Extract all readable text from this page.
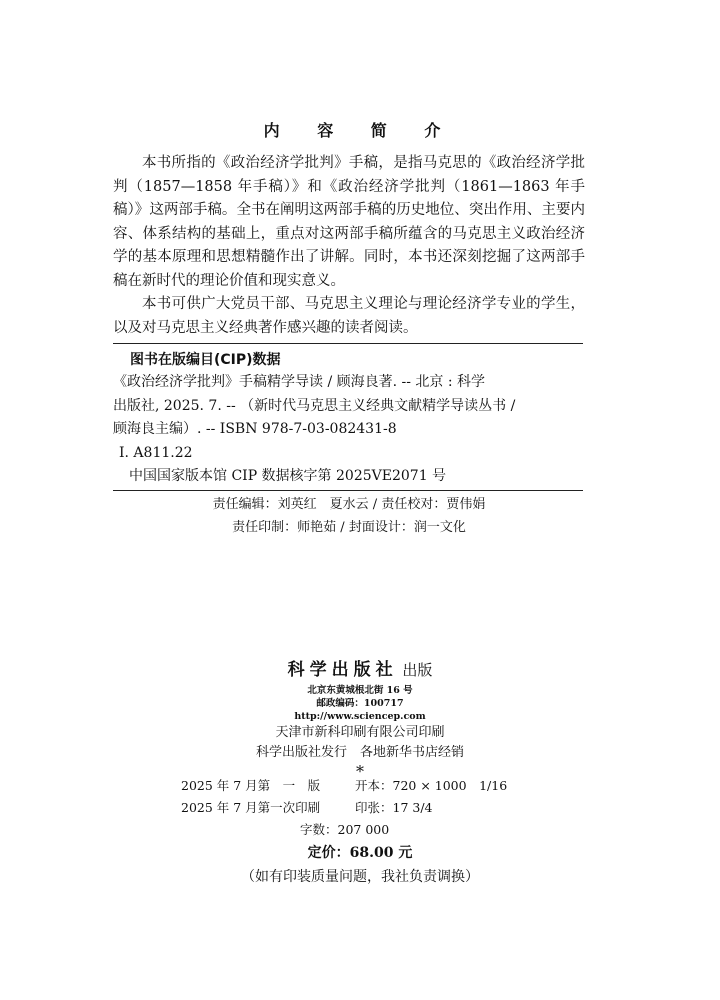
内 容 简 介

本书所指的《政治经济学批判》手稿，是指马克思的《政治经济学批判（1857—1858 年手稿）》和《政治经济学批判（1861—1863 年手稿）》这两部手稿。全书在阐明这两部手稿的历史地位、突出作用、主要内容、体系结构的基础上，重点对这两部手稿所蕴含的马克思主义政治经济学的基本原理和思想精髓作出了讲解。同时，本书还深刻挖掘了这两部手稿在新时代的理论价值和现实意义。

本书可供广大党员干部、马克思主义理论与理论经济学专业的学生，以及对马克思主义经典著作感兴趣的读者阅读。

图书在版编目(CIP)数据
《政治经济学批判》手稿精学导读 / 顾海良著. -- 北京 : 科学
出版社, 2025. 7. -- （新时代马克思主义经典文献精学导读丛书 /
顾海良主编）. -- ISBN 978-7-03-082431-8
Ⅰ. A811.22
中国国家版本馆 CIP 数据核字第 2025VE2071 号
责任编辑：刘英红　夏水云 / 责任校对：贾伟娟
责任印制：师艳茹 / 封面设计：润一文化
科学出版社 出版
北京东黄城根北街 16 号
邮政编码：100717
http://www.sciencep.com
天津市新科印刷有限公司印刷
科学出版社发行　各地新华书店经销
*
2025 年 7 月第　一　版	开本：720 × 1000　1/16
2025 年 7 月第一次印刷	印张：17 3/4
字数：207 000
定价：68.00 元
（如有印装质量问题，我社负责调换）
